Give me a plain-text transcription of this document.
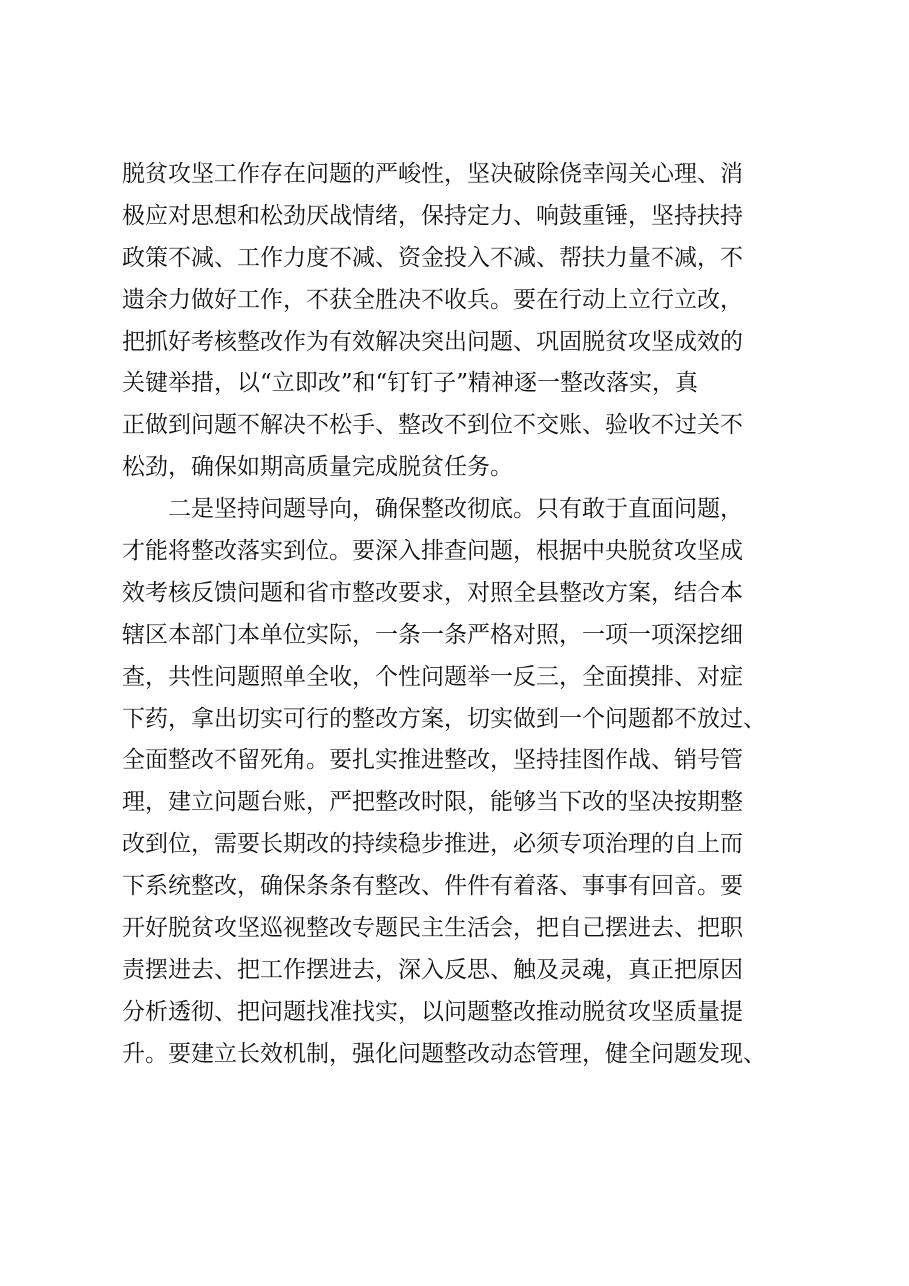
脱贫攻坚工作存在问题的严峻性，坚决破除侥幸闯关心理、消
极应对思想和松劲厌战情绪，保持定力、响鼓重锤，坚持扶持
政策不减、工作力度不减、资金投入不减、帮扶力量不减，不
遗余力做好工作，不获全胜决不收兵。要在行动上立行立改，
把抓好考核整改作为有效解决突出问题、巩固脱贫攻坚成效的
关键举措，以“立即改”和“钉钉子”精神逐一整改落实，真
正做到问题不解决不松手、整改不到位不交账、验收不过关不
松劲，确保如期高质量完成脱贫任务。
二是坚持问题导向，确保整改彻底。只有敢于直面问题，
才能将整改落实到位。要深入排查问题，根据中央脱贫攻坚成
效考核反馈问题和省市整改要求，对照全县整改方案，结合本
辖区本部门本单位实际，一条一条严格对照，一项一项深挖细
查，共性问题照单全收，个性问题举一反三，全面摸排、对症
下药，拿出切实可行的整改方案，切实做到一个问题都不放过、
全面整改不留死角。要扎实推进整改，坚持挂图作战、销号管
理，建立问题台账，严把整改时限，能够当下改的坚决按期整
改到位，需要长期改的持续稳步推进，必须专项治理的自上而
下系统整改，确保条条有整改、件件有着落、事事有回音。要
开好脱贫攻坚巡视整改专题民主生活会，把自己摆进去、把职
责摆进去、把工作摆进去，深入反思、触及灵魂，真正把原因
分析透彻、把问题找准找实，以问题整改推动脱贫攻坚质量提
升。要建立长效机制，强化问题整改动态管理，健全问题发现、
